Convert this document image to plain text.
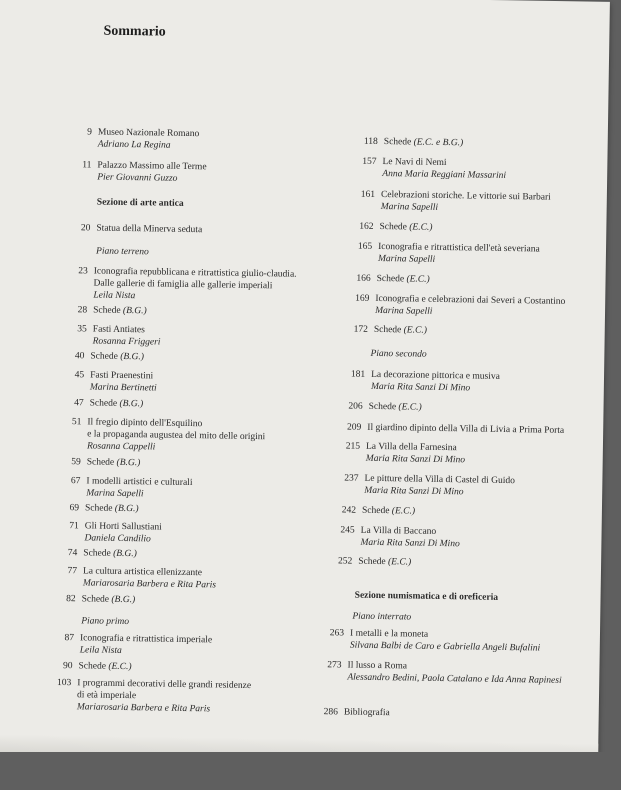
Sommario
9 Museo Nazionale Romano
Adriano La Regina
11 Palazzo Massimo alle Terme
Pier Giovanni Guzzo
Sezione di arte antica
20 Statua della Minerva seduta
Piano terreno
23 Iconografia repubblicana e ritrattistica giulio-claudia.
Dalle gallerie di famiglia alle gallerie imperiali
Leila Nista
28 Schede (B.G.)
35 Fasti Antiates
Rosanna Friggeri
40 Schede (B.G.)
45 Fasti Praenestini
Marina Bertinetti
47 Schede (B.G.)
51 Il fregio dipinto dell'Esquilino
e la propaganda augustea del mito delle origini
Rosanna Cappelli
59 Schede (B.G.)
67 I modelli artistici e culturali
Marina Sapelli
69 Schede (B.G.)
71 Gli Horti Sallustiani
Daniela Candilio
74 Schede (B.G.)
77 La cultura artistica ellenizzante
Mariarosaria Barbera e Rita Paris
82 Schede (B.G.)
Piano primo
87 Iconografia e ritrattistica imperiale
Leila Nista
90 Schede (E.C.)
103 I programmi decorativi delle grandi residenze
di età imperiale
Mariarosaria Barbera e Rita Paris
118 Schede (E.C. e B.G.)
157 Le Navi di Nemi
Anna Maria Reggiani Massarini
161 Celebrazioni storiche. Le vittorie sui Barbari
Marina Sapelli
162 Schede (E.C.)
165 Iconografia e ritrattistica dell'età severiana
Marina Sapelli
166 Schede (E.C.)
169 Iconografia e celebrazioni dai Severi a Costantino
Marina Sapelli
172 Schede (E.C.)
Piano secondo
181 La decorazione pittorica e musiva
Maria Rita Sanzi Di Mino
206 Schede (E.C.)
209 Il giardino dipinto della Villa di Livia a Prima Porta
215 La Villa della Farnesina
Maria Rita Sanzi Di Mino
237 Le pitture della Villa di Castel di Guido
Maria Rita Sanzi Di Mino
242 Schede (E.C.)
245 La Villa di Baccano
Maria Rita Sanzi Di Mino
252 Schede (E.C.)
Sezione numismatica e di oreficeria
Piano interrato
263 I metalli e la moneta
Silvana Balbi de Caro e Gabriella Angeli Bufalini
273 Il lusso a Roma
Alessandro Bedini, Paola Catalano e Ida Anna Rapinesi
286 Bibliografia
